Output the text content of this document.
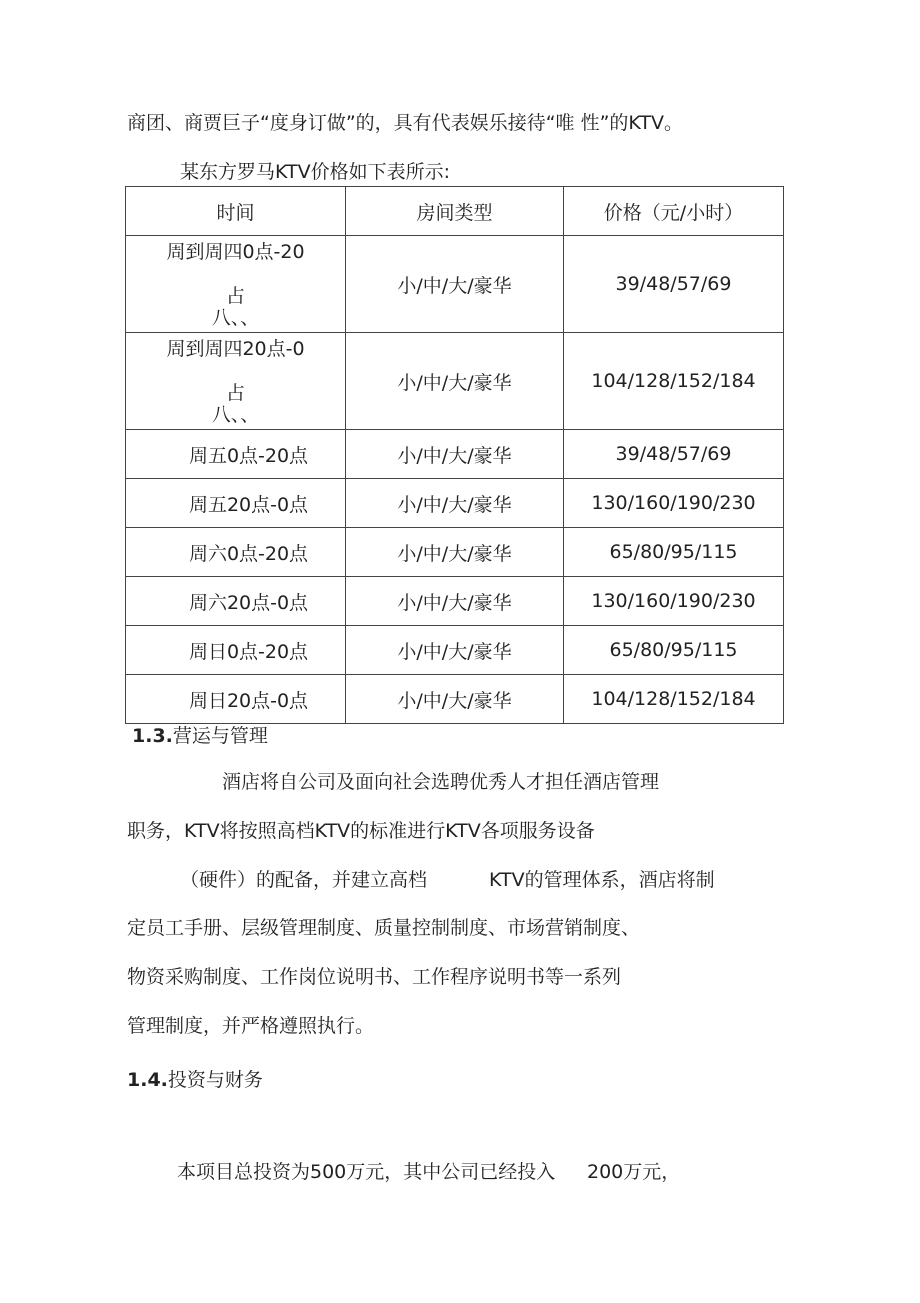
商团、商贾巨子“度身订做”的，具有代表娱乐接待“唯 性”的KTV。
某东方罗马KTV价格如下表所示:
时间	房间类型	价格（元/小时）

周到周四0点-20
占
八、、	小/中/大/豪华	39/48/57/69

周到周四20点-0
占
八、、	小/中/大/豪华	104/128/152/184
周五0点-20点	小/中/大/豪华	39/48/57/69
周五20点-0点	小/中/大/豪华	130/160/190/230
周六0点-20点	小/中/大/豪华	65/80/95/115
周六20点-0点	小/中/大/豪华	130/160/190/230
周日0点-20点	小/中/大/豪华	65/80/95/115
周日20点-0点	小/中/大/豪华	104/128/152/184
1.3.营运与管理
酒店将自公司及面向社会选聘优秀人才担任酒店管理
职务，KTV将按照高档KTV的标准进行KTV各项服务设备
（硬件）的配备，并建立高档	KTV的管理体系，酒店将制
定员工手册、层级管理制度、质量控制制度、市场营销制度、
物资采购制度、工作岗位说明书、工作程序说明书等一系列
管理制度，并严格遵照执行。
1.4.投资与财务
本项目总投资为500万元，其中公司已经投入 200万元，
